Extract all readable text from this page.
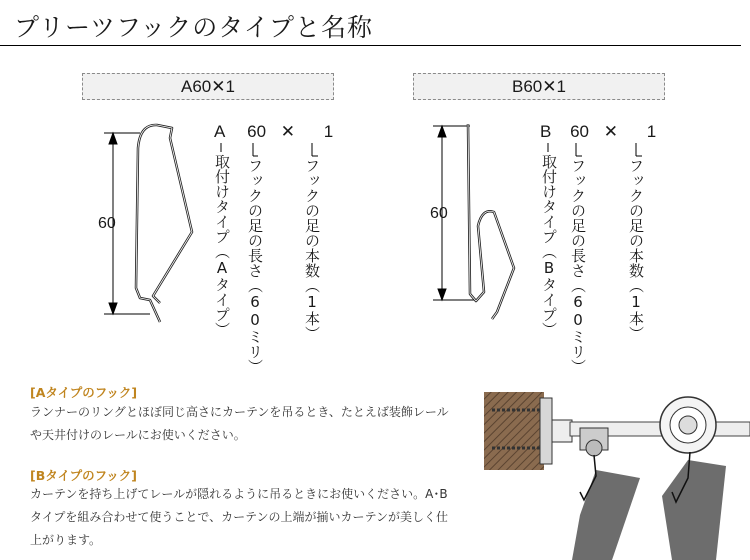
プリーツフックのタイプと名称
A60✕1	B60✕1
A 60 ✕ 1
60	取付けタイプ（Aタイプ） フックの足の長さ（60ミリ）	フックの足の本数（1本）
B 60 ✕ 1
60	取付けタイプ（Bタイプ） フックの足の長さ（60ミリ）	フックの足の本数（1本）
[Aタイプのフック]
ランナーのリングとほぼ同じ高さにカーテンを吊るとき、たとえば装飾レール
や天井付けのレールにお使いください。
[Bタイプのフック]
カーテンを持ち上げてレールが隠れるように吊るときにお使いください。A･B
タイプを組み合わせて使うことで、カーテンの上端が揃いカーテンが美しく仕
上がります。
